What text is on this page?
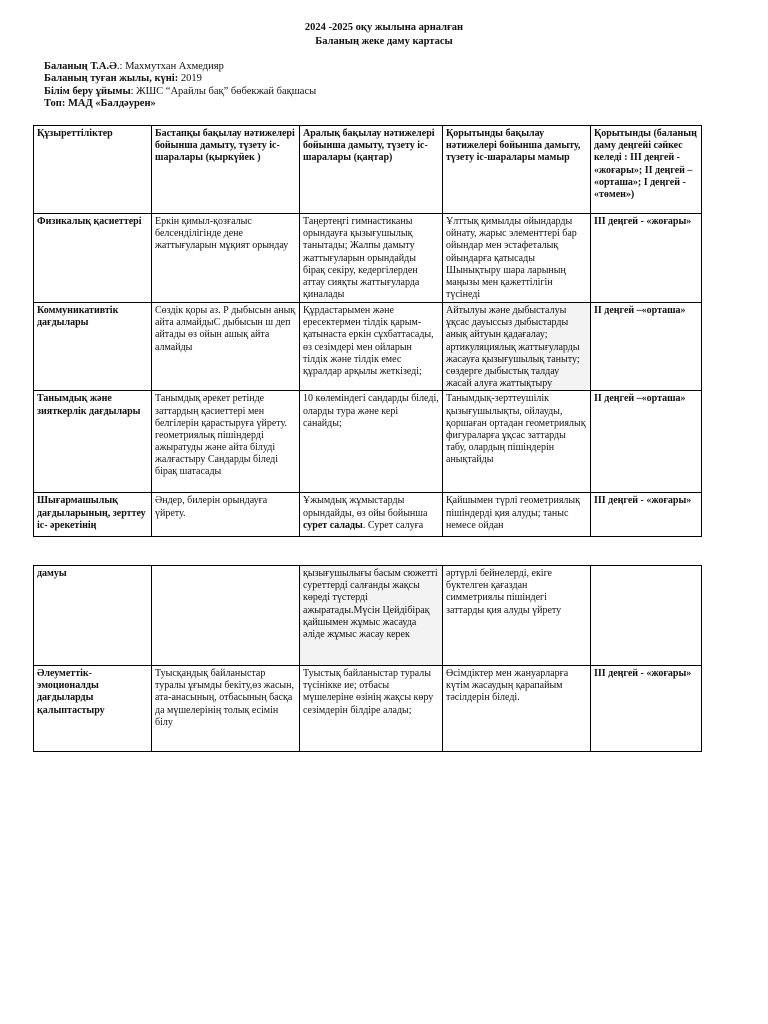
2024 -2025 оқу жылына арналған
Баланың жеке даму картасы
Баланың Т.А.Ә.: Махмутхан Ахмедияр
Баланың туған жылы, күні: 2019
Білім беру ұйымы: ЖШС “Арайлы бақ” бөбекжай бақшасы
Топ: МАД «Балдәурен»
Құзыреттіліктер	Бастапқы бақылау нәтижелері бойынша дамыту, түзету іс-шаралары (қыркүйек )	Аралық бақылау нәтижелері бойынша дамыту, түзету іс-шаралары (қаңтар)	Қорытынды бақылау нәтижелері бойынша дамыту, түзету іс-шаралары мамыр	Қорытынды (баланың даму деңгейі сәйкес келеді : ІІІ деңгей - «жоғары»; ІІ деңгей – «орташа»; І деңгей - «төмен»)
Физикалық қасиеттері	Еркін қимыл-қозғалыс белсенділігінде дене жаттығуларын мұқият орындау	Таңертеңгі гимнастиканы орындауға қызығушылық танытады; Жалпы дамыту жаттығуларын орындайды бірақ секіру, кедергілерден аттау сияқты жаттығуларда қиналады	Ұлттық қимылды ойындарды ойнату, жарыс элементтері бар ойындар мен эстафеталық ойындарға қатысады Шынықтыру шара ларының маңызы мен қажеттілігін түсінеді	ІІІ деңгей - «жоғары»
Коммуникативтік дағдылары	Сөздік қоры аз. Р дыбысын анық айта алмайдыС дыбысын ш деп айтады өз ойын ашық айта алмайды	Құрдастарымен және ересектермен тілдік қарым-қатынаста еркін сұхбаттасады, өз сезімдері мен ойларын тілдік және тілдік емес құралдар арқылы жеткізеді;	Айтылуы және дыбысталуы ұқсас дауыссыз дыбыстарды анық айтуын қадағалау; артикуляциялық жаттығуларды жасауға қызығушылық таныту; сөздерге дыбыстық талдау жасай алуға жаттықтыру	ІІ деңгей –«орташа»
Танымдық және зияткерлік дағдылары	Танымдық әрекет ретінде заттардың қасиеттері мен белгілерін қарастыруға үйрету. геометриялық пішіндерді ажыратуды және айта білуді жалғастыру Сандарды біледі бірақ шатасады	10 көлеміндегі сандарды біледі, оларды тура және кері санайды;	Танымдық-зерттеушілік қызығушылықты, ойлауды, қоршаған ортадан геометриялық фигураларға ұқсас заттарды табу, олардың пішіндерін анықтайды	ІІ деңгей –«орташа»
Шығармашылық дағдыларының, зерттеу іс- әрекетінің	Әндер, билерін орындауға үйрету.	Ұжымдық жұмыстарды орындайды, өз ойы бойынша сурет салады. Сурет салуға	Қайшымен түрлі геометриялық пішіндерді қия алуды; таныс немесе ойдан	ІІІ деңгей - «жоғары»
дамуы		қызығушылығы басым сюжетті суреттерді салғанды жақсы көреді түстерді ажыратады.Мүсін Цейдібірақ қайшымен жұмыс жасауда әліде жұмыс жасау керек	әртүрлі бейнелерді, екіге бүктелген қағаздан симметриялы пішіндегі заттарды қия алуды үйрету	
Әлеуметтік-эмоционалды дағдыларды қалыптастыру	Туысқандық байланыстар туралы ұғымды бекіту,өз жасын, ата-анасының, отбасының басқа да мүшелерінің толық есімін білу	Туыстық байланыстар туралы түсінікке ие; отбасы мүшелеріне өзінің жақсы көру сезімдерін білдіре алады;	Өсімдіктер мен жануарларға күтім жасаудың қарапайым тәсілдерін біледі.	ІІІ деңгей - «жоғары»
